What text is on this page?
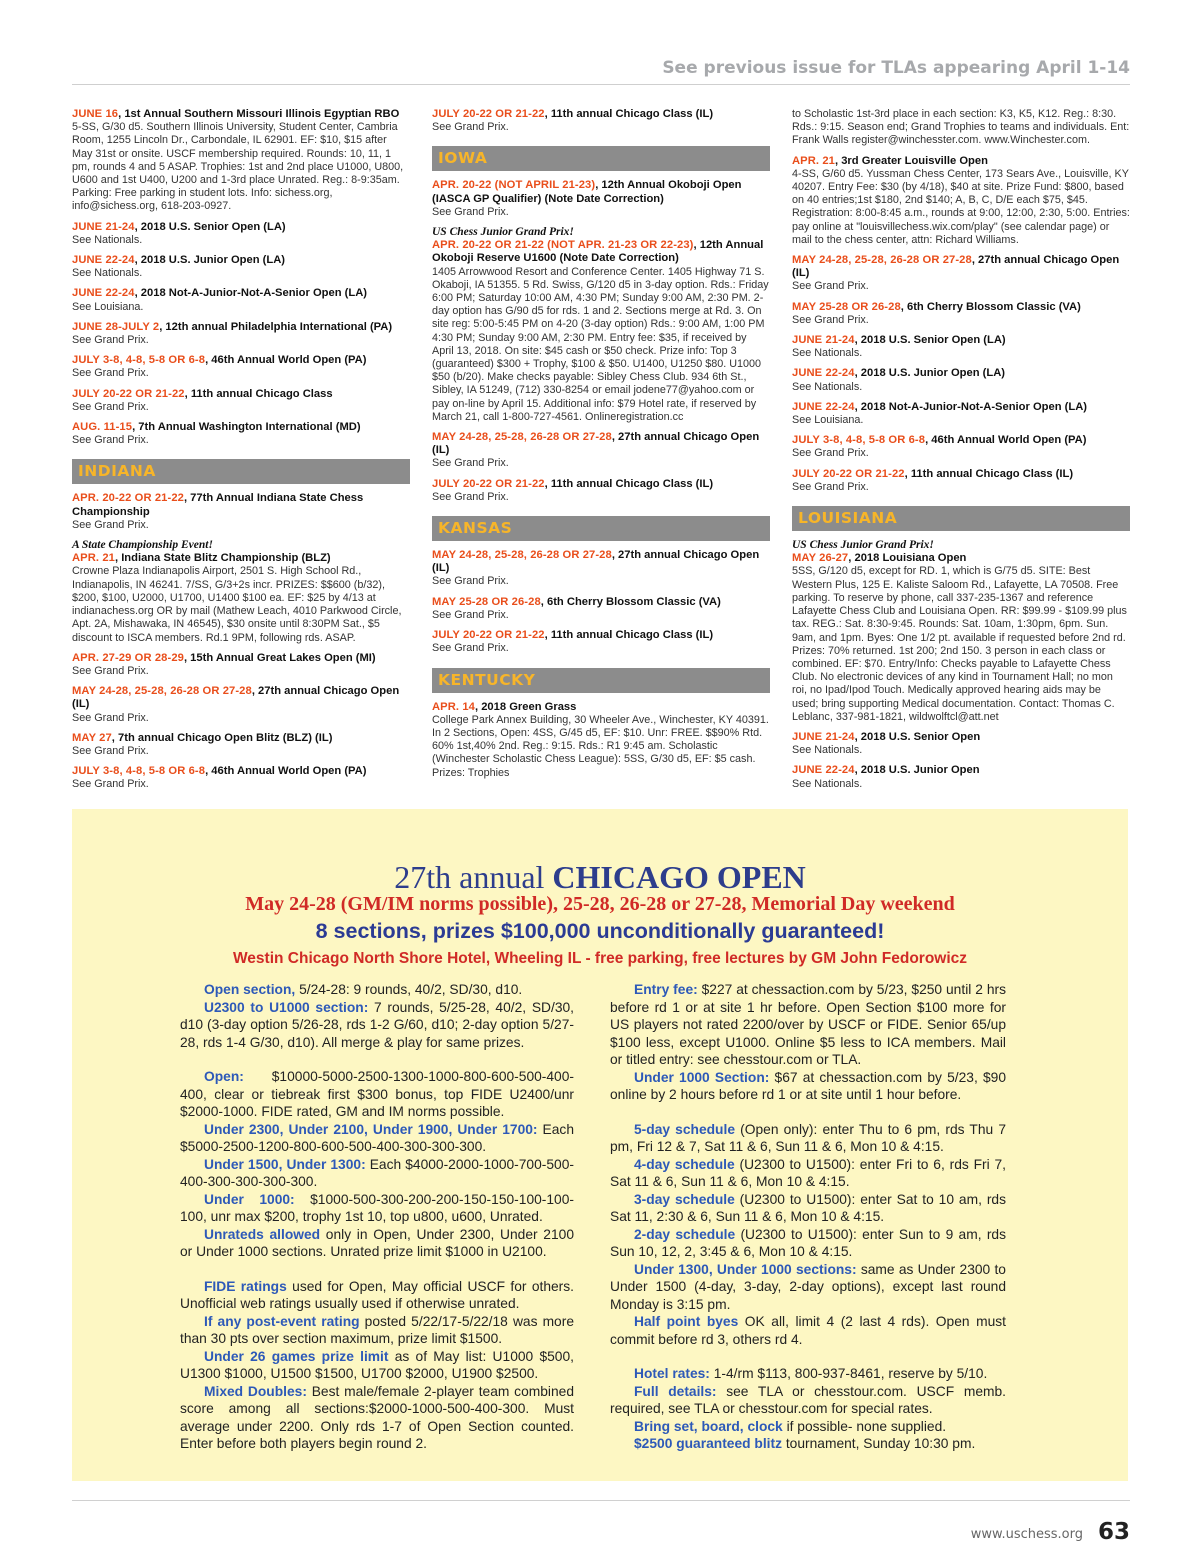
See previous issue for TLAs appearing April 1-14
JUNE 16, 1st Annual Southern Missouri Illinois Egyptian RBO
5-SS, G/30 d5. Southern Illinois University, Student Center, Cambria Room, 1255 Lincoln Dr., Carbondale, IL 62901. EF: $10, $15 after May 31st or onsite. USCF membership required. Rounds: 10, 11, 1 pm, rounds 4 and 5 ASAP. Trophies: 1st and 2nd place U1000, U800, U600 and 1st U400, U200 and 1-3rd place Unrated. Reg.: 8-9:35am. Parking: Free parking in student lots. Info: sichess.org, info@sichess.org, 618-203-0927.
JUNE 21-24, 2018 U.S. Senior Open (LA)
See Nationals.
JUNE 22-24, 2018 U.S. Junior Open (LA)
See Nationals.
JUNE 22-24, 2018 Not-A-Junior-Not-A-Senior Open (LA)
See Louisiana.
JUNE 28-JULY 2, 12th annual Philadelphia International (PA)
See Grand Prix.
JULY 3-8, 4-8, 5-8 OR 6-8, 46th Annual World Open (PA)
See Grand Prix.
JULY 20-22 OR 21-22, 11th annual Chicago Class
See Grand Prix.
AUG. 11-15, 7th Annual Washington International (MD)
See Grand Prix.
INDIANA
APR. 20-22 OR 21-22, 77th Annual Indiana State Chess Championship
See Grand Prix.
A State Championship Event!
APR. 21, Indiana State Blitz Championship (BLZ)
Crowne Plaza Indianapolis Airport, 2501 S. High School Rd., Indianapolis, IN 46241. 7/SS, G/3+2s incr. PRIZES: $$600 (b/32), $200, $100, U2000, U1700, U1400 $100 ea. EF: $25 by 4/13 at indianachess.org OR by mail (Mathew Leach, 4010 Parkwood Circle, Apt. 2A, Mishawaka, IN 46545), $30 onsite until 8:30PM Sat., $5 discount to ISCA members. Rd.1 9PM, following rds. ASAP.
APR. 27-29 OR 28-29, 15th Annual Great Lakes Open (MI)
See Grand Prix.
MAY 24-28, 25-28, 26-28 OR 27-28, 27th annual Chicago Open (IL)
See Grand Prix.
MAY 27, 7th annual Chicago Open Blitz (BLZ) (IL)
See Grand Prix.
JULY 3-8, 4-8, 5-8 OR 6-8, 46th Annual World Open (PA)
See Grand Prix.
JULY 20-22 OR 21-22, 11th annual Chicago Class (IL)
See Grand Prix.
IOWA
APR. 20-22 (NOT APRIL 21-23), 12th Annual Okoboji Open (IASCA GP Qualifier) (Note Date Correction)
See Grand Prix.
US Chess Junior Grand Prix!
APR. 20-22 OR 21-22 (NOT APR. 21-23 OR 22-23), 12th Annual Okoboji Reserve U1600 (Note Date Correction)
1405 Arrowwood Resort and Conference Center. 1405 Highway 71 S. Okaboji, IA 51355. 5 Rd. Swiss, G/120 d5 in 3-day option. Rds.: Friday 6:00 PM; Saturday 10:00 AM, 4:30 PM; Sunday 9:00 AM, 2:30 PM. 2-day option has G/90 d5 for rds. 1 and 2. Sections merge at Rd. 3. On site reg: 5:00-5:45 PM on 4-20 (3-day option) Rds.: 9:00 AM, 1:00 PM 4:30 PM; Sunday 9:00 AM, 2:30 PM. Entry fee: $35, if received by April 13, 2018. On site: $45 cash or $50 check. Prize info: Top 3 (guaranteed) $300 + Trophy, $100 & $50. U1400, U1250 $80. U1000 $50 (b/20). Make checks payable: Sibley Chess Club. 934 6th St., Sibley, IA 51249, (712) 330-8254 or email jodene77@yahoo.com or pay on-line by April 15. Additional info: $79 Hotel rate, if reserved by March 21, call 1-800-727-4561. Onlineregistration.cc
MAY 24-28, 25-28, 26-28 OR 27-28, 27th annual Chicago Open (IL)
See Grand Prix.
JULY 20-22 OR 21-22, 11th annual Chicago Class (IL)
See Grand Prix.
KANSAS
MAY 24-28, 25-28, 26-28 OR 27-28, 27th annual Chicago Open (IL)
See Grand Prix.
MAY 25-28 OR 26-28, 6th Cherry Blossom Classic (VA)
See Grand Prix.
JULY 20-22 OR 21-22, 11th annual Chicago Class (IL)
See Grand Prix.
KENTUCKY
APR. 14, 2018 Green Grass
College Park Annex Building, 30 Wheeler Ave., Winchester, KY 40391. In 2 Sections, Open: 4SS, G/45 d5, EF: $10. Unr: FREE. $$90% Rtd. 60% 1st,40% 2nd. Reg.: 9:15. Rds.: R1 9:45 am. Scholastic (Winchester Scholastic Chess League): 5SS, G/30 d5, EF: $5 cash. Prizes: Trophies
to Scholastic 1st-3rd place in each section: K3, K5, K12. Reg.: 8:30. Rds.: 9:15. Season end; Grand Trophies to teams and individuals. Ent: Frank Walls register@winchesster.com. www.Winchester.com.
APR. 21, 3rd Greater Louisville Open
4-SS, G/60 d5. Yussman Chess Center, 173 Sears Ave., Louisville, KY 40207. Entry Fee: $30 (by 4/18), $40 at site. Prize Fund: $800, based on 40 entries;1st $180, 2nd $140; A, B, C, D/E each $75, $45. Registration: 8:00-8:45 a.m., rounds at 9:00, 12:00, 2:30, 5:00. Entries: pay online at "louisvillechess.wix.com/play" (see calendar page) or mail to the chess center, attn: Richard Williams.
MAY 24-28, 25-28, 26-28 OR 27-28, 27th annual Chicago Open (IL)
See Grand Prix.
MAY 25-28 OR 26-28, 6th Cherry Blossom Classic (VA)
See Grand Prix.
JUNE 21-24, 2018 U.S. Senior Open (LA)
See Nationals.
JUNE 22-24, 2018 U.S. Junior Open (LA)
See Nationals.
JUNE 22-24, 2018 Not-A-Junior-Not-A-Senior Open (LA)
See Louisiana.
JULY 3-8, 4-8, 5-8 OR 6-8, 46th Annual World Open (PA)
See Grand Prix.
JULY 20-22 OR 21-22, 11th annual Chicago Class (IL)
See Grand Prix.
LOUISIANA
US Chess Junior Grand Prix!
MAY 26-27, 2018 Louisiana Open
5SS, G/120 d5, except for RD. 1, which is G/75 d5. SITE: Best Western Plus, 125 E. Kaliste Saloom Rd., Lafayette, LA 70508. Free parking. To reserve by phone, call 337-235-1367 and reference Lafayette Chess Club and Louisiana Open. RR: $99.99 - $109.99 plus tax. REG.: Sat. 8:30-9:45. Rounds: Sat. 10am, 1:30pm, 6pm. Sun. 9am, and 1pm. Byes: One 1/2 pt. available if requested before 2nd rd. Prizes: 70% returned. 1st 200; 2nd 150. 3 person in each class or combined. EF: $70. Entry/Info: Checks payable to Lafayette Chess Club. No electronic devices of any kind in Tournament Hall; no mon roi, no Ipad/Ipod Touch. Medically approved hearing aids may be used; bring supporting Medical documentation. Contact: Thomas C. Leblanc, 337-981-1821, wildwolftcl@att.net
JUNE 21-24, 2018 U.S. Senior Open
See Nationals.
JUNE 22-24, 2018 U.S. Junior Open
See Nationals.
27th annual CHICAGO OPEN
May 24-28 (GM/IM norms possible), 25-28, 26-28 or 27-28, Memorial Day weekend
8 sections, prizes $100,000 unconditionally guaranteed!
Westin Chicago North Shore Hotel, Wheeling IL - free parking, free lectures by GM John Fedorowicz

Open section, 5/24-28: 9 rounds, 40/2, SD/30, d10.

U2300 to U1000 section: 7 rounds, 5/25-28, 40/2, SD/30, d10 (3-day option 5/26-28, rds 1-2 G/60, d10; 2-day option 5/27-28, rds 1-4 G/30, d10). All merge & play for same prizes.

Open: $10000-5000-2500-1300-1000-800-600-500-400-400, clear or tiebreak first $300 bonus, top FIDE U2400/unr $2000-1000. FIDE rated, GM and IM norms possible.

Under 2300, Under 2100, Under 1900, Under 1700: Each $5000-2500-1200-800-600-500-400-300-300-300.

Under 1500, Under 1300: Each $4000-2000-1000-700-500-400-300-300-300-300.

Under 1000: $1000-500-300-200-200-150-150-100-100-100, unr max $200, trophy 1st 10, top u800, u600, Unrated.

Unrateds allowed only in Open, Under 2300, Under 2100 or Under 1000 sections. Unrated prize limit $1000 in U2100.

FIDE ratings used for Open, May official USCF for others. Unofficial web ratings usually used if otherwise unrated.

If any post-event rating posted 5/22/17-5/22/18 was more than 30 pts over section maximum, prize limit $1500.

Under 26 games prize limit as of May list: U1000 $500, U1300 $1000, U1500 $1500, U1700 $2000, U1900 $2500.

Mixed Doubles: Best male/female 2-player team combined score among all sections:$2000-1000-500-400-300. Must average under 2200. Only rds 1-7 of Open Section counted. Enter before both players begin round 2.

Entry fee: $227 at chessaction.com by 5/23, $250 until 2 hrs before rd 1 or at site 1 hr before. Open Section $100 more for US players not rated 2200/over by USCF or FIDE. Senior 65/up $100 less, except U1000. Online $5 less to ICA members. Mail or titled entry: see chesstour.com or TLA.

Under 1000 Section: $67 at chessaction.com by 5/23, $90 online by 2 hours before rd 1 or at site until 1 hour before.

5-day schedule (Open only): enter Thu to 6 pm, rds Thu 7 pm, Fri 12 & 7, Sat 11 & 6, Sun 11 & 6, Mon 10 & 4:15.

4-day schedule (U2300 to U1500): enter Fri to 6, rds Fri 7, Sat 11 & 6, Sun 11 & 6, Mon 10 & 4:15.

3-day schedule (U2300 to U1500): enter Sat to 10 am, rds Sat 11, 2:30 & 6, Sun 11 & 6, Mon 10 & 4:15.

2-day schedule (U2300 to U1500): enter Sun to 9 am, rds Sun 10, 12, 2, 3:45 & 6, Mon 10 & 4:15.

Under 1300, Under 1000 sections: same as Under 2300 to Under 1500 (4-day, 3-day, 2-day options), except last round Monday is 3:15 pm.

Half point byes OK all, limit 4 (2 last 4 rds). Open must commit before rd 3, others rd 4.

Hotel rates: 1-4/rm $113, 800-937-8461, reserve by 5/10.

Full details: see TLA or chesstour.com. USCF memb. required, see TLA or chesstour.com for special rates.

Bring set, board, clock if possible- none supplied.

$2500 guaranteed blitz tournament, Sunday 10:30 pm.

www.uschess.org 63
